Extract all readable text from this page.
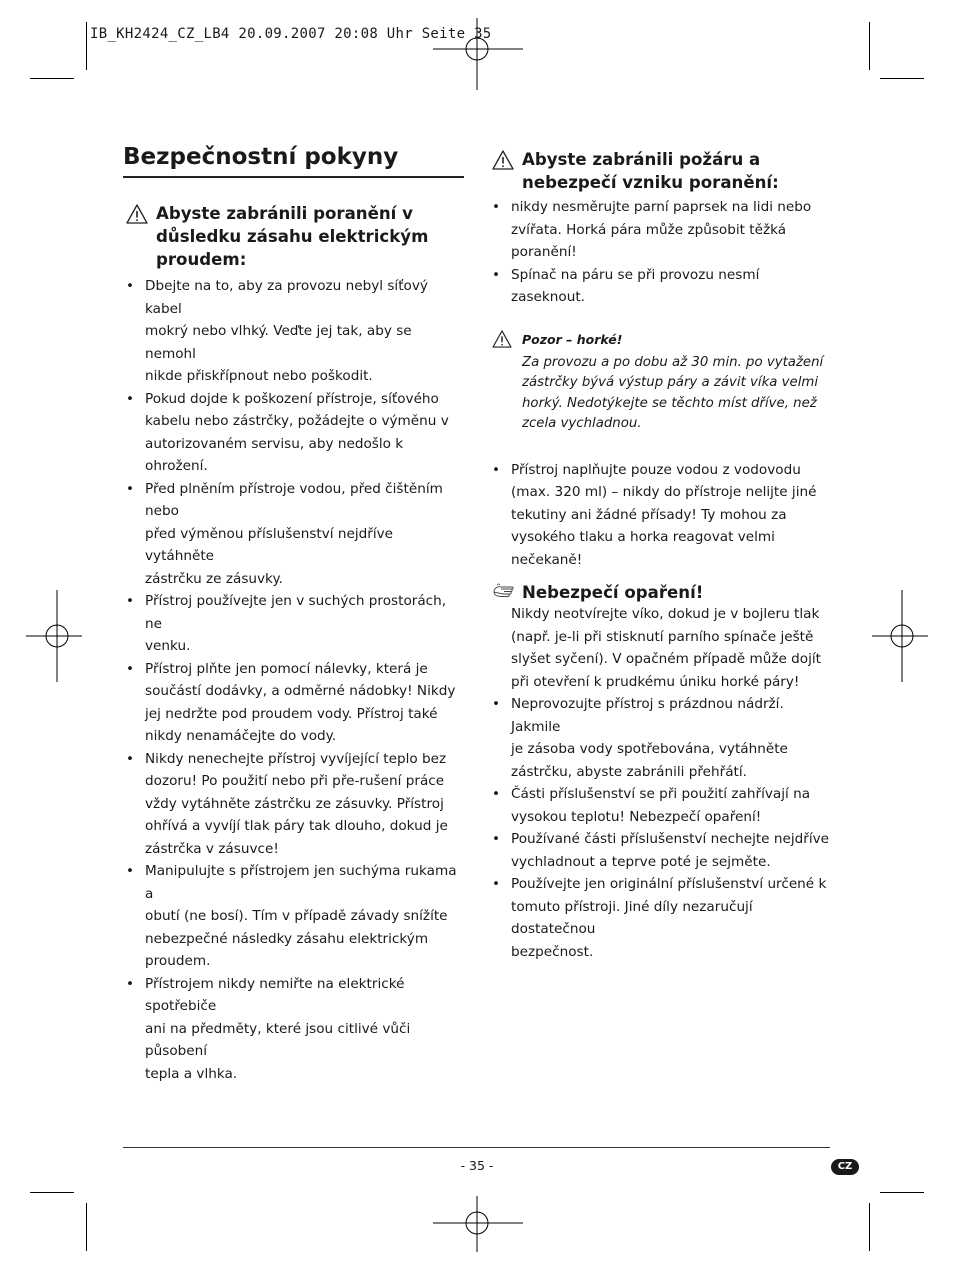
IB_KH2424_CZ_LB4 20.09.2007 20:08 Uhr Seite 35
Bezpečnostní pokyny
Abyste zabránili poranění v
důsledku zásahu elektrickým
proudem:
• Dbejte na to, aby za provozu nebyl síťový kabel
mokrý nebo vlhký. Veďte jej tak, aby se nemohl
nikde přiskřípnout nebo poškodit.
• Pokud dojde k poškození přístroje, síťového
kabelu nebo zástrčky, požádejte o výměnu v
autorizovaném servisu, aby nedošlo k ohrožení.
• Před plněním přístroje vodou, před čištěním nebo
před výměnou příslušenství nejdříve vytáhněte
zástrčku ze zásuvky.
• Přístroj používejte jen v suchých prostorách, ne
venku.
• Přístroj plňte jen pomocí nálevky, která je
součástí dodávky, a odměrné nádobky! Nikdy
jej nedržte pod proudem vody. Přístroj také
nikdy nenamáčejte do vody.
• Nikdy nenechejte přístroj vyvíjející teplo bez
dozoru! Po použití nebo při pře-rušení práce
vždy vytáhněte zástrčku ze zásuvky. Přístroj
ohřívá a vyvíjí tlak páry tak dlouho, dokud je
zástrčka v zásuvce!
• Manipulujte s přístrojem jen suchýma rukama a
obutí (ne bosí). Tím v případě závady snížíte
nebezpečné následky zásahu elektrickým
proudem.
• Přístrojem nikdy nemiřte na elektrické spotřebiče
ani na předměty, které jsou citlivé vůči působení
tepla a vlhka.
Abyste zabránili požáru a
nebezpečí vzniku poranění:
• nikdy nesměrujte parní paprsek na lidi nebo
zvířata. Horká pára může způsobit těžká
poranění!
• Spínač na páru se při provozu nesmí zaseknout.
Pozor – horké!
Za provozu a po dobu až 30 min. po vytažení
zástrčky bývá výstup páry a závit víka velmi
horký. Nedotýkejte se těchto míst dříve, než
zcela vychladnou.
• Přístroj naplňujte pouze vodou z vodovodu
(max. 320 ml) – nikdy do přístroje nelijte jiné
tekutiny ani žádné přísady! Ty mohou za
vysokého tlaku a horka reagovat velmi
nečekaně!
Nebezpečí opaření!
Nikdy neotvírejte víko, dokud je v bojleru tlak
(např. je-li při stisknutí parního spínače ještě
slyšet syčení). V opačném případě může dojít
při otevření k prudkému úniku horké páry!
• Neprovozujte přístroj s prázdnou nádrží. Jakmile
je zásoba vody spotřebována, vytáhněte
zástrčku, abyste zabránili přehřátí.
• Části příslušenství se při použití zahřívají na
vysokou teplotu! Nebezpečí opaření!
• Používané části příslušenství nechejte nejdříve
vychladnout a teprve poté je sejměte.
• Používejte jen originální příslušenství určené k
tomuto přístroji. Jiné díly nezaručují dostatečnou
bezpečnost.
- 35 -	CZ
